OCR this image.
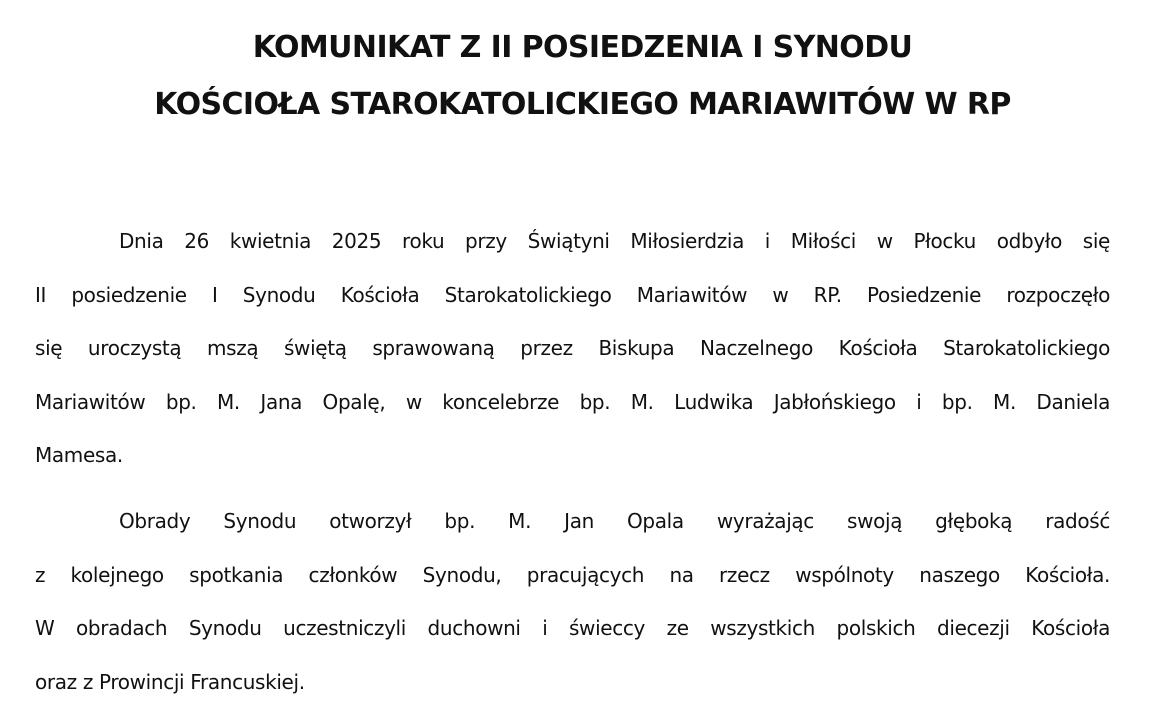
KOMUNIKAT Z II POSIEDZENIA I SYNODU
KOŚCIOŁA STAROKATOLICKIEGO MARIAWITÓW W RP
Dnia 26 kwietnia 2025 roku przy Świątyni Miłosierdzia i Miłości w Płocku odbyło się
II posiedzenie I Synodu Kościoła Starokatolickiego Mariawitów w RP. Posiedzenie rozpoczęło
się uroczystą mszą świętą sprawowaną przez Biskupa Naczelnego Kościoła Starokatolickiego
Mariawitów bp. M. Jana Opalę, w koncelebrze bp. M. Ludwika Jabłońskiego i bp. M. Daniela
Mamesa.
Obrady Synodu otworzył bp. M. Jan Opala wyrażając swoją głęboką radość
z kolejnego spotkania członków Synodu, pracujących na rzecz wspólnoty naszego Kościoła.
W obradach Synodu uczestniczyli duchowni i świeccy ze wszystkich polskich diecezji Kościoła
oraz z Prowincji Francuskiej.
